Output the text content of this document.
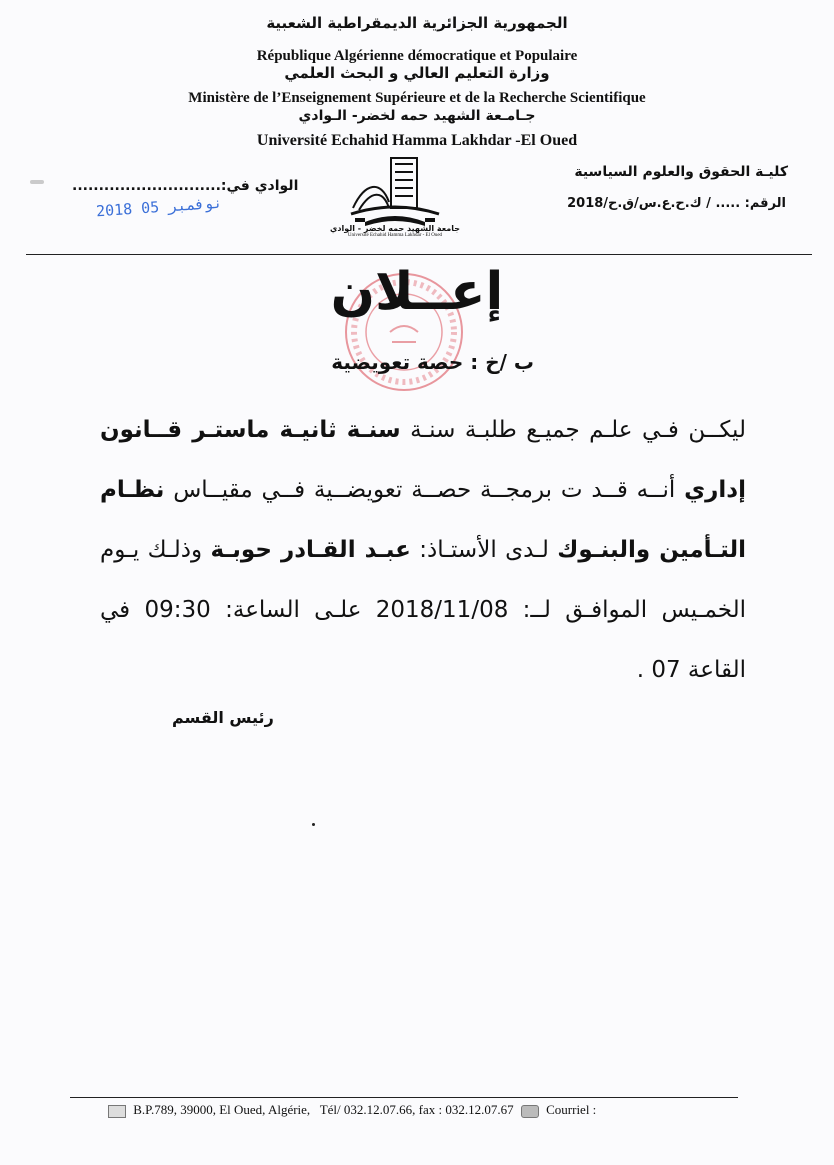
الجمهورية الجزائرية الديمقراطية الشعبية
République Algérienne démocratique et Populaire
وزارة التعليم العالي و البحث العلمي
Ministère de l’Enseignement Supérieure et de la Recherche Scientifique
جـامـعة الشهيد حمه لخضر- الـوادي
Université Echahid Hamma Lakhdar -El Oued
الوادي في:............................
كليـة الحقوق والعلوم السياسية
الرقم: ..... / ك.ح.ع.س/ق.ح/2018
2018 نوفمبر 05
جامعة الشهيد حمه لخضر - الوادي
Université Echahid Hamma Lakhdar - El Oued
إعــلان
ب /خ : حصة تعويضية
ليكــن فـي علـم جميـع طلبـة سنـة سنـة ثانيـة ماستـر قــانون إداري أنــه قــد ت برمجــة حصــة تعويضــية فــي مقيــاس نظـام التـأمين والبنـوك لـدى الأستـاذ: عبـد القـادر حوبـة وذلـك يـوم الخمـيس الموافـق لــ: 2018/11/08 علـى الساعة: 09:30 في القاعة 07 .
رئيس القسم
B.P.789, 39000, El Oued, Algérie, Tél/ 032.12.07.66, fax : 032.12.07.67	Courriel :
